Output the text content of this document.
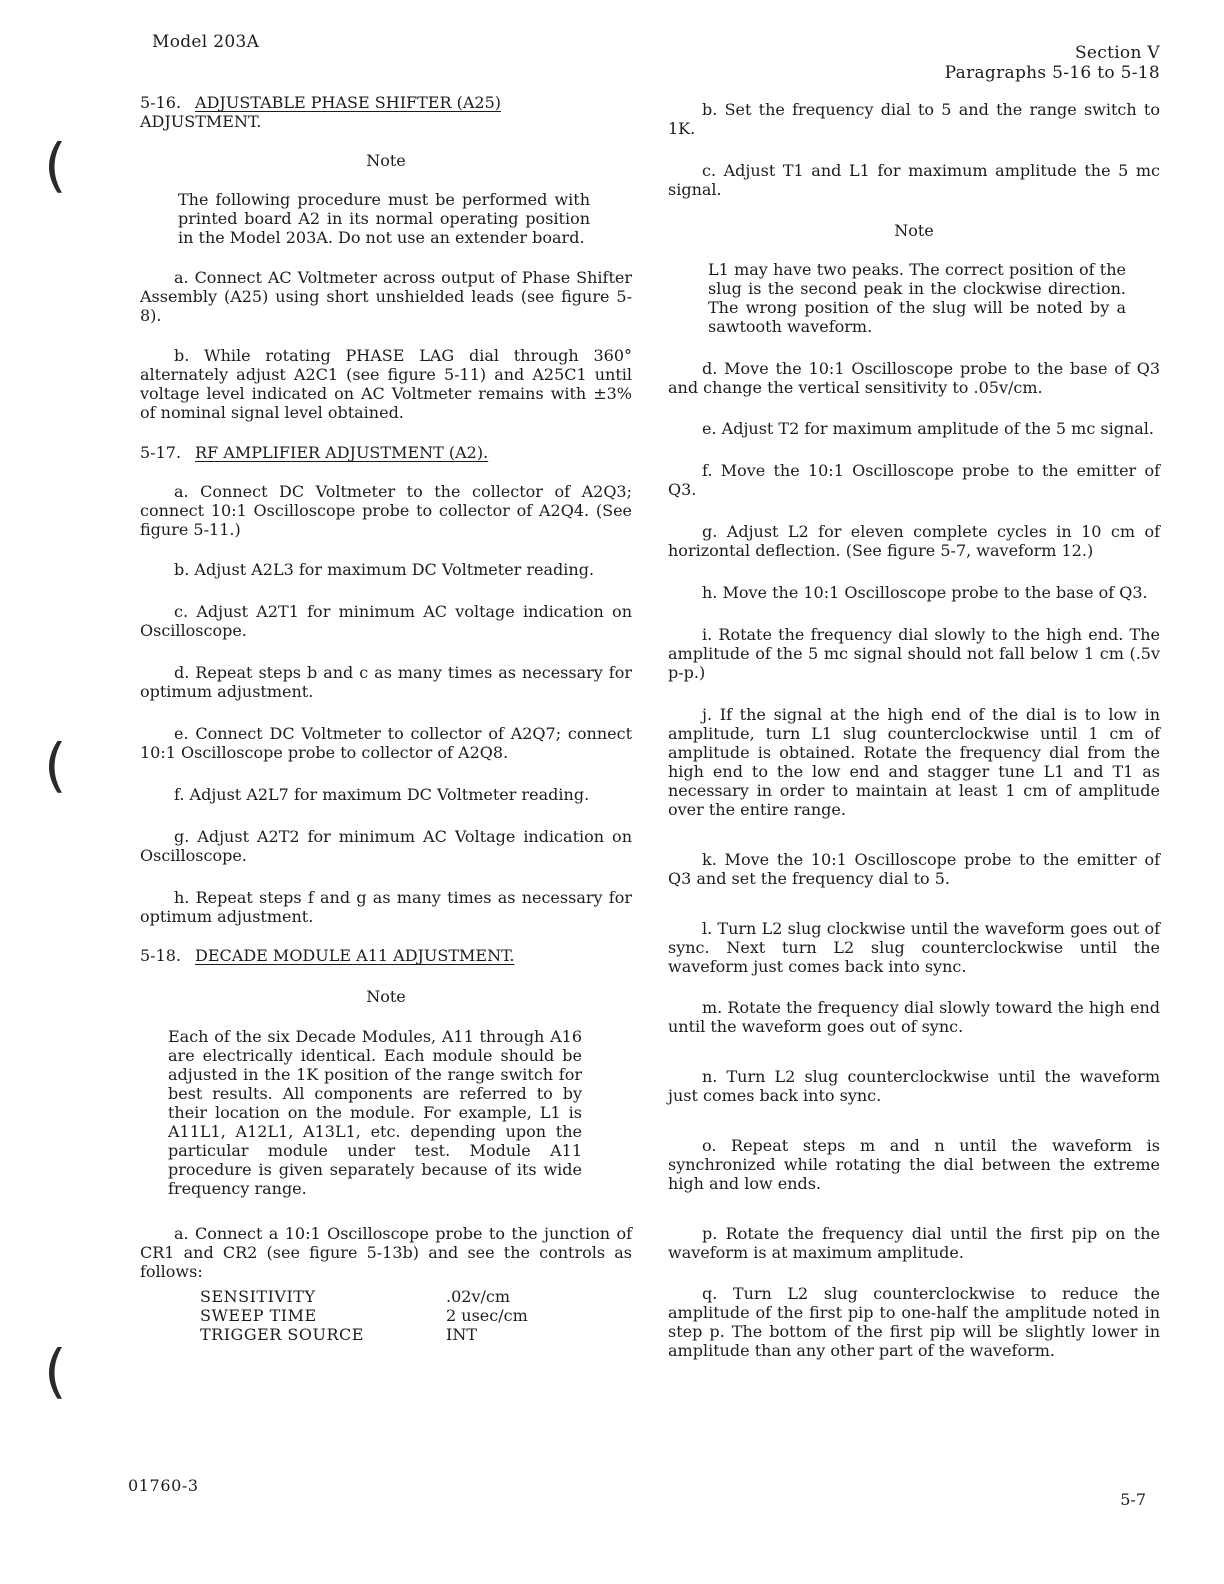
(
(
(
Model 203A
Section V
Paragraphs 5-16 to 5-18
5-16. ADJUSTABLE PHASE SHIFTER (A25)
ADJUSTMENT.
Note

The following procedure must be performed with printed board A2 in its normal operating position in the Model 203A. Do not use an extender board.

a. Connect AC Voltmeter across output of Phase Shifter Assembly (A25) using short unshielded leads (see figure 5-8).

b. While rotating PHASE LAG dial through 360° alternately adjust A2C1 (see figure 5-11) and A25C1 until voltage level indicated on AC Voltmeter remains with ±3% of nominal signal level obtained.

5-17. RF AMPLIFIER ADJUSTMENT (A2).

a. Connect DC Voltmeter to the collector of A2Q3; connect 10:1 Oscilloscope probe to collector of A2Q4. (See figure 5-11.)

b. Adjust A2L3 for maximum DC Voltmeter reading.

c. Adjust A2T1 for minimum AC voltage indication on Oscilloscope.

d. Repeat steps b and c as many times as necessary for optimum adjustment.

e. Connect DC Voltmeter to collector of A2Q7; connect 10:1 Oscilloscope probe to collector of A2Q8.

f. Adjust A2L7 for maximum DC Voltmeter reading.

g. Adjust A2T2 for minimum AC Voltage indication on Oscilloscope.

h. Repeat steps f and g as many times as necessary for optimum adjustment.

5-18. DECADE MODULE A11 ADJUSTMENT.
Note

Each of the six Decade Modules, A11 through A16 are electrically identical. Each module should be adjusted in the 1K position of the range switch for best results. All components are referred to by their location on the module. For example, L1 is A11L1, A12L1, A13L1, etc. depending upon the particular module under test. Module A11 procedure is given separately because of its wide frequency range.

a. Connect a 10:1 Oscilloscope probe to the junction of CR1 and CR2 (see figure 5-13b) and see the controls as follows:

SENSITIVITY	.02v/cm
SWEEP TIME	2 usec/cm
TRIGGER SOURCE	INT

b. Set the frequency dial to 5 and the range switch to 1K.

c. Adjust T1 and L1 for maximum amplitude the 5 mc signal.

Note

L1 may have two peaks. The correct position of the slug is the second peak in the clockwise direction. The wrong position of the slug will be noted by a sawtooth waveform.

d. Move the 10:1 Oscilloscope probe to the base of Q3 and change the vertical sensitivity to .05v/cm.

e. Adjust T2 for maximum amplitude of the 5 mc signal.

f. Move the 10:1 Oscilloscope probe to the emitter of Q3.

g. Adjust L2 for eleven complete cycles in 10 cm of horizontal deflection. (See figure 5-7, waveform 12.)

h. Move the 10:1 Oscilloscope probe to the base of Q3.

i. Rotate the frequency dial slowly to the high end. The amplitude of the 5 mc signal should not fall below 1 cm (.5v p-p.)

j. If the signal at the high end of the dial is to low in amplitude, turn L1 slug counterclockwise until 1 cm of amplitude is obtained. Rotate the frequency dial from the high end to the low end and stagger tune L1 and T1 as necessary in order to maintain at least 1 cm of amplitude over the entire range.

k. Move the 10:1 Oscilloscope probe to the emitter of Q3 and set the frequency dial to 5.

l. Turn L2 slug clockwise until the waveform goes out of sync. Next turn L2 slug counterclockwise until the waveform just comes back into sync.

m. Rotate the frequency dial slowly toward the high end until the waveform goes out of sync.

n. Turn L2 slug counterclockwise until the waveform just comes back into sync.

o. Repeat steps m and n until the waveform is synchronized while rotating the dial between the extreme high and low ends.

p. Rotate the frequency dial until the first pip on the waveform is at maximum amplitude.

q. Turn L2 slug counterclockwise to reduce the amplitude of the first pip to one-half the amplitude noted in step p. The bottom of the first pip will be slightly lower in amplitude than any other part of the waveform.

01760-3
5-7
